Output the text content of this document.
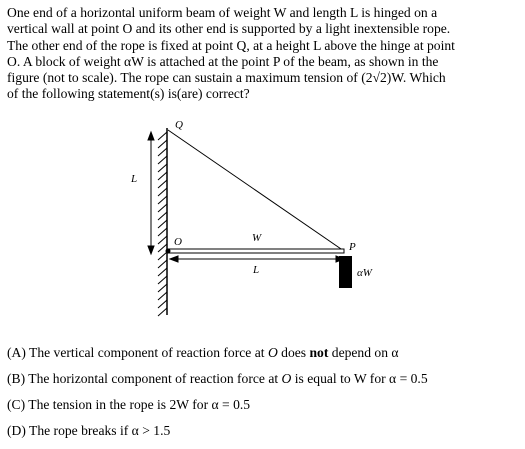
One end of a horizontal uniform beam of weight W and length L is hinged on a
vertical wall at point O and its other end is supported by a light inextensible rope.
The other end of the rope is fixed at point Q, at a height L above the hinge at point
O. A block of weight αW is attached at the point P of the beam, as shown in the
figure (not to scale). The rope can sustain a maximum tension of (2√2)W. Which
of the following statement(s) is(are) correct?
L
Q
O	W
P
L	αW
(A) The vertical component of reaction force at O does not depend on α
(B) The horizontal component of reaction force at O is equal to W for α = 0.5
(C) The tension in the rope is 2W for α = 0.5
(D) The rope breaks if α > 1.5
